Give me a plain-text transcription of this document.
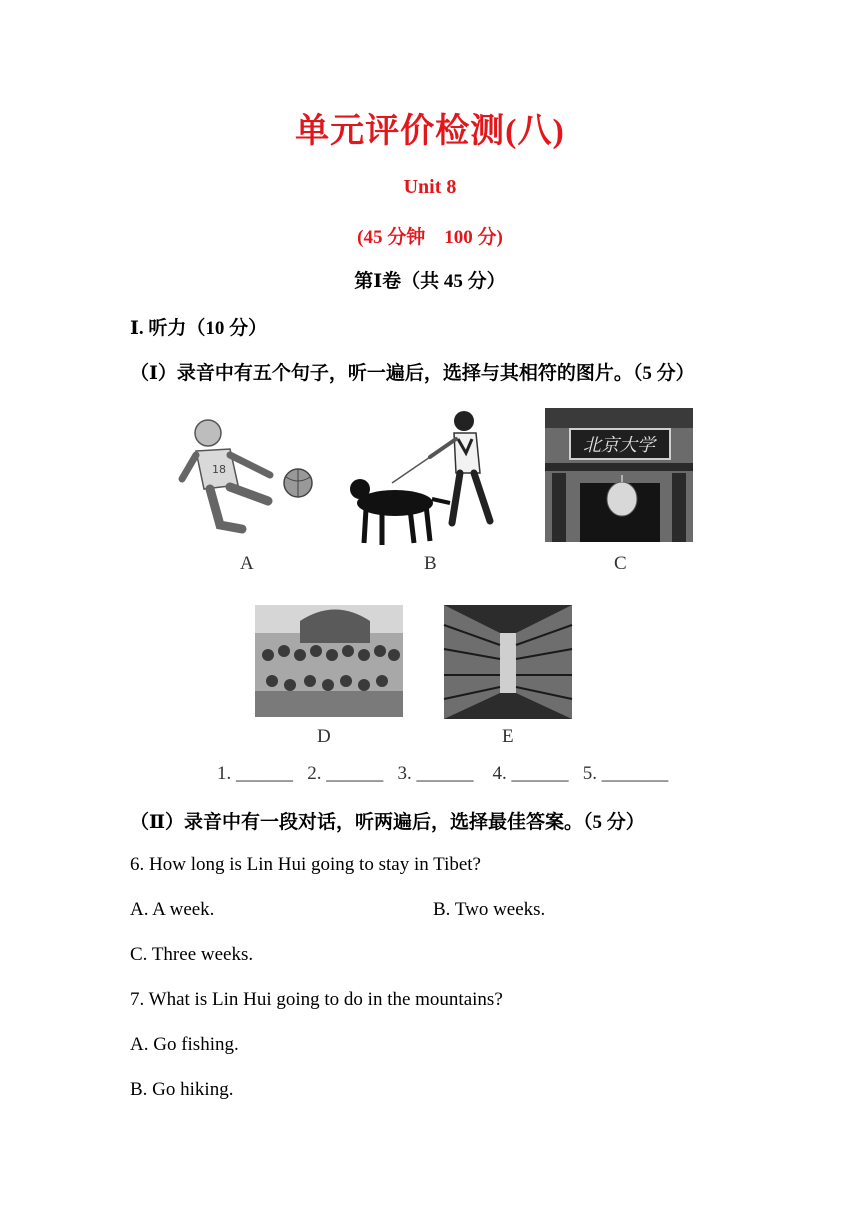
单元评价检测(八)
Unit 8
(45 分钟    100 分)
第Ⅰ卷（共 45 分）
Ⅰ. 听力（10 分）
（Ⅰ）录音中有五个句子，听一遍后，选择与其相符的图片。（5 分）
18
北京大学
A	B	C
D	E
1. ______   2. ______   3. ______    4. ______   5. _______
（Ⅱ）录音中有一段对话，听两遍后，选择最佳答案。（5 分）
6. How long is Lin Hui going to stay in Tibet?
A. A week.	B. Two weeks.
C. Three weeks.
7. What is Lin Hui going to do in the mountains?
A. Go fishing.
B. Go hiking.
